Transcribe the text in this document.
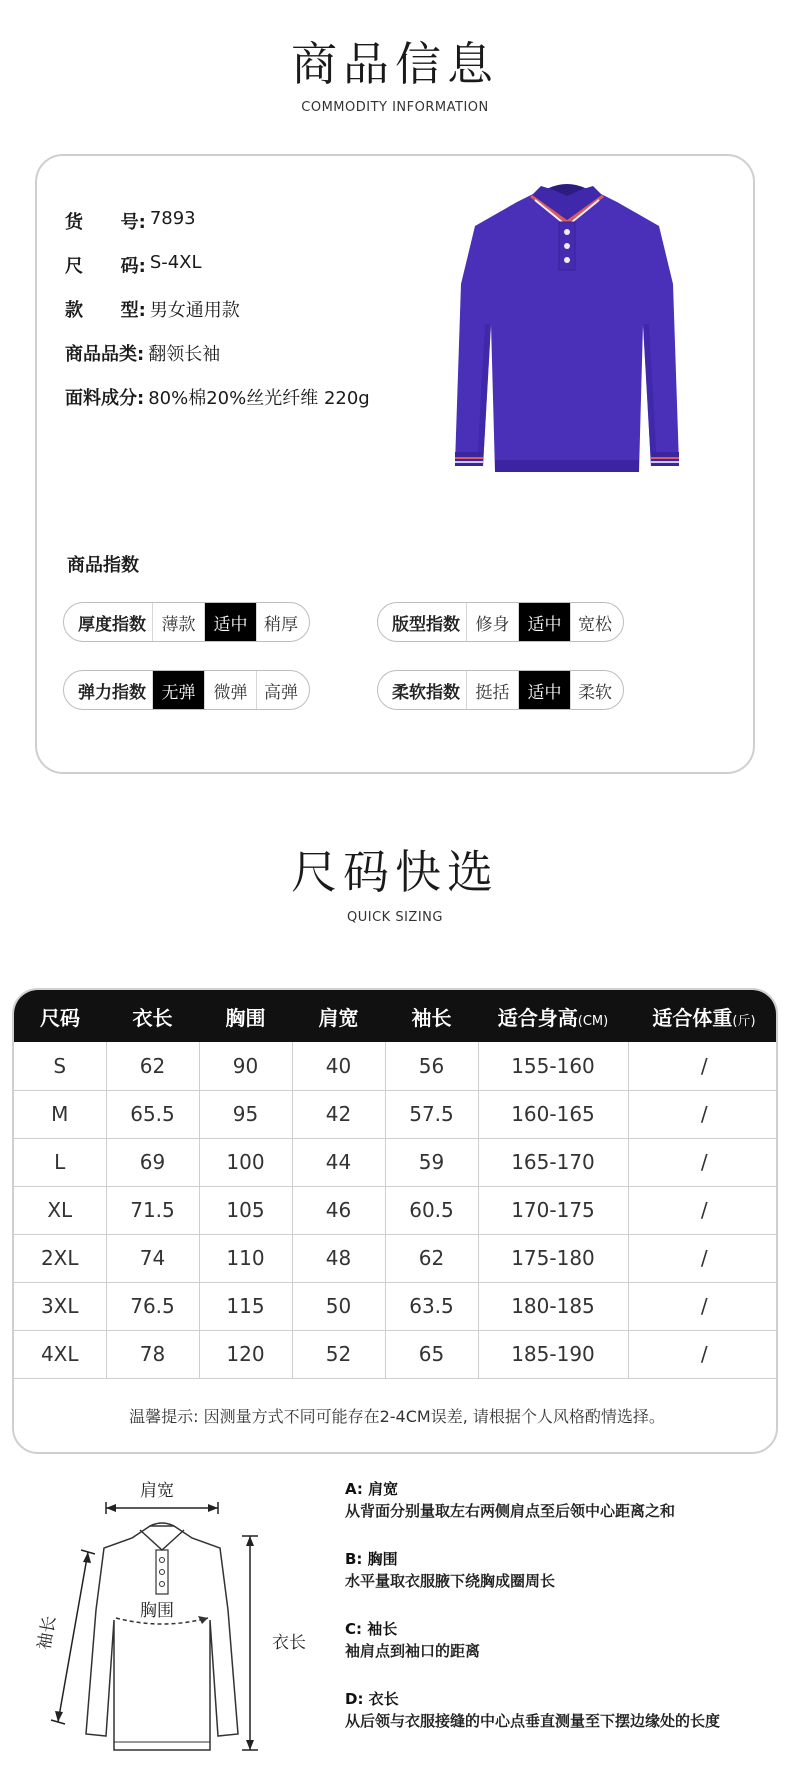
商品信息
COMMODITY INFORMATION
货      号: 7893
尺      码: S-4XL
款      型: 男女通用款
商品品类: 翻领长袖
面料成分: 80%棉20%丝光纤维 220g
商品指数
厚度指数 薄款	适中 稍厚	版型指数 修身	适中 宽松
弹力指数 无弹	微弹 高弹	柔软指数 挺括	适中 柔软
尺码快选
QUICK SIZING
尺码	衣长	胸围	肩宽	袖长	适合身高(CM)	适合体重(斤)
S	62	90	40	56	155-160	/
M	65.5	95	42	57.5	160-165	/
L	69	100	44	59	165-170	/
XL	71.5	105	46	60.5	170-175	/
2XL	74	110	48	62	175-180	/
3XL	76.5	115	50	63.5	180-185	/
4XL	78	120	52	65	185-190	/
温馨提示: 因测量方式不同可能存在2-4CM误差, 请根据个人风格酌情选择。
肩宽
胸围
袖长	衣长
A: 肩宽
从背面分别量取左右两侧肩点至后领中心距离之和
B: 胸围
水平量取衣服腋下绕胸成圈周长
C: 袖长
袖肩点到袖口的距离
D: 衣长
从后领与衣服接缝的中心点垂直测量至下摆边缘处的长度
